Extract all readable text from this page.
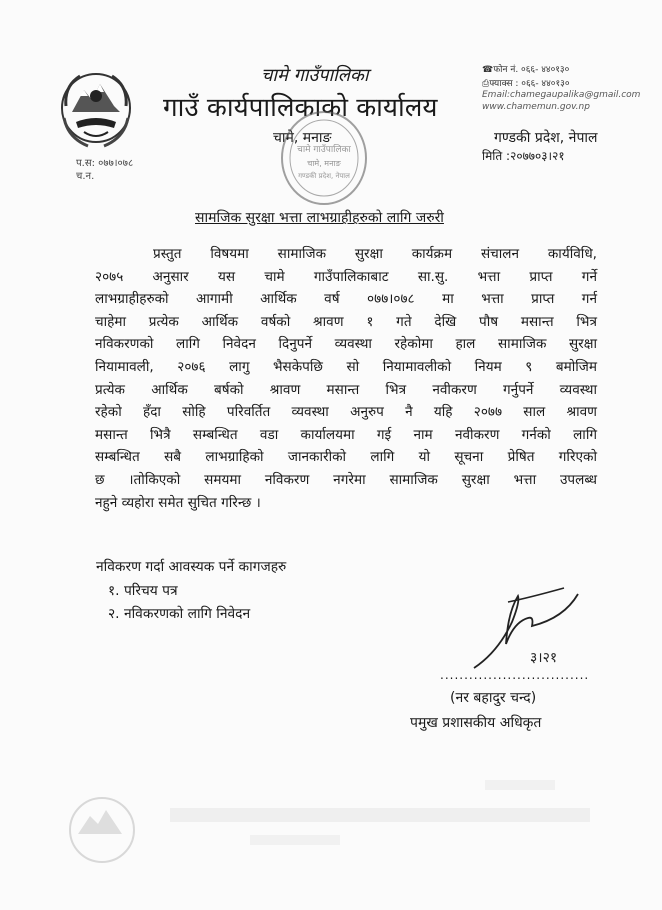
चामे गाउँपालिका
गाउँ कार्यपालिकाको कार्यालय
चामे, मनाङ
☎फोन नं. ०६६- ४४०१३०
⎙फ्याक्स : ०६६- ४४०१३०
Email:chamegaupalika@gmail.com
www.chamemun.gov.np
गण्डकी प्रदेश, नेपाल
मिति :२०७७०३।२१
प.स: ०७७।०७८
च.न.
चामे गाउँपालिका
चामे, मनाङ
गण्डकी प्रदेश, नेपाल
सामजिक सुरक्षा भत्ता लाभग्राहीहरुको लागि जरुरी
प्रस्तुत विषयमा सामाजिक सुरक्षा कार्यक्रम संचालन कार्यविधि,
२०७५ अनुसार यस चामे गाउँपालिकाबाट सा.सु. भत्ता प्राप्त गर्ने
लाभग्राहीहरुको आगामी आर्थिक वर्ष ०७७।०७८ मा भत्ता प्राप्त गर्न
चाहेमा प्रत्येक आर्थिक वर्षको श्रावण १ गते देखि पौष मसान्त भित्र
नविकरणको लागि निवेदन दिनुपर्ने व्यवस्था रहेकोमा हाल सामाजिक सुरक्षा
नियामावली, २०७६ लागु भैसकेपछि सो नियामावलीको नियम ९ बमोजिम
प्रत्येक आर्थिक बर्षको श्रावण मसान्त भित्र नवीकरण गर्नुपर्ने व्यवस्था
रहेको हँदा सोहि परिवर्तित व्यवस्था अनुरुप नै यहि २०७७ साल श्रावण
मसान्त भित्रै सम्बन्धित वडा कार्यालयमा गई नाम नवीकरण गर्नको लागि
सम्बन्धित सबै लाभग्राहिको जानकारीको लागि यो सूचना प्रेषित गरिएको
छ ।तोकिएको समयमा नविकरण नगरेमा सामाजिक सुरक्षा भत्ता उपलब्ध
नहुने व्यहोरा समेत सुचित गरिन्छ ।
नविकरण गर्दा आवस्यक पर्ने कागजहरु
१. परिचय पत्र
२. नविकरणको लागि निवेदन
३।२१
...............................
(नर बहादुर चन्द)
पमुख प्रशासकीय अधिकृत
